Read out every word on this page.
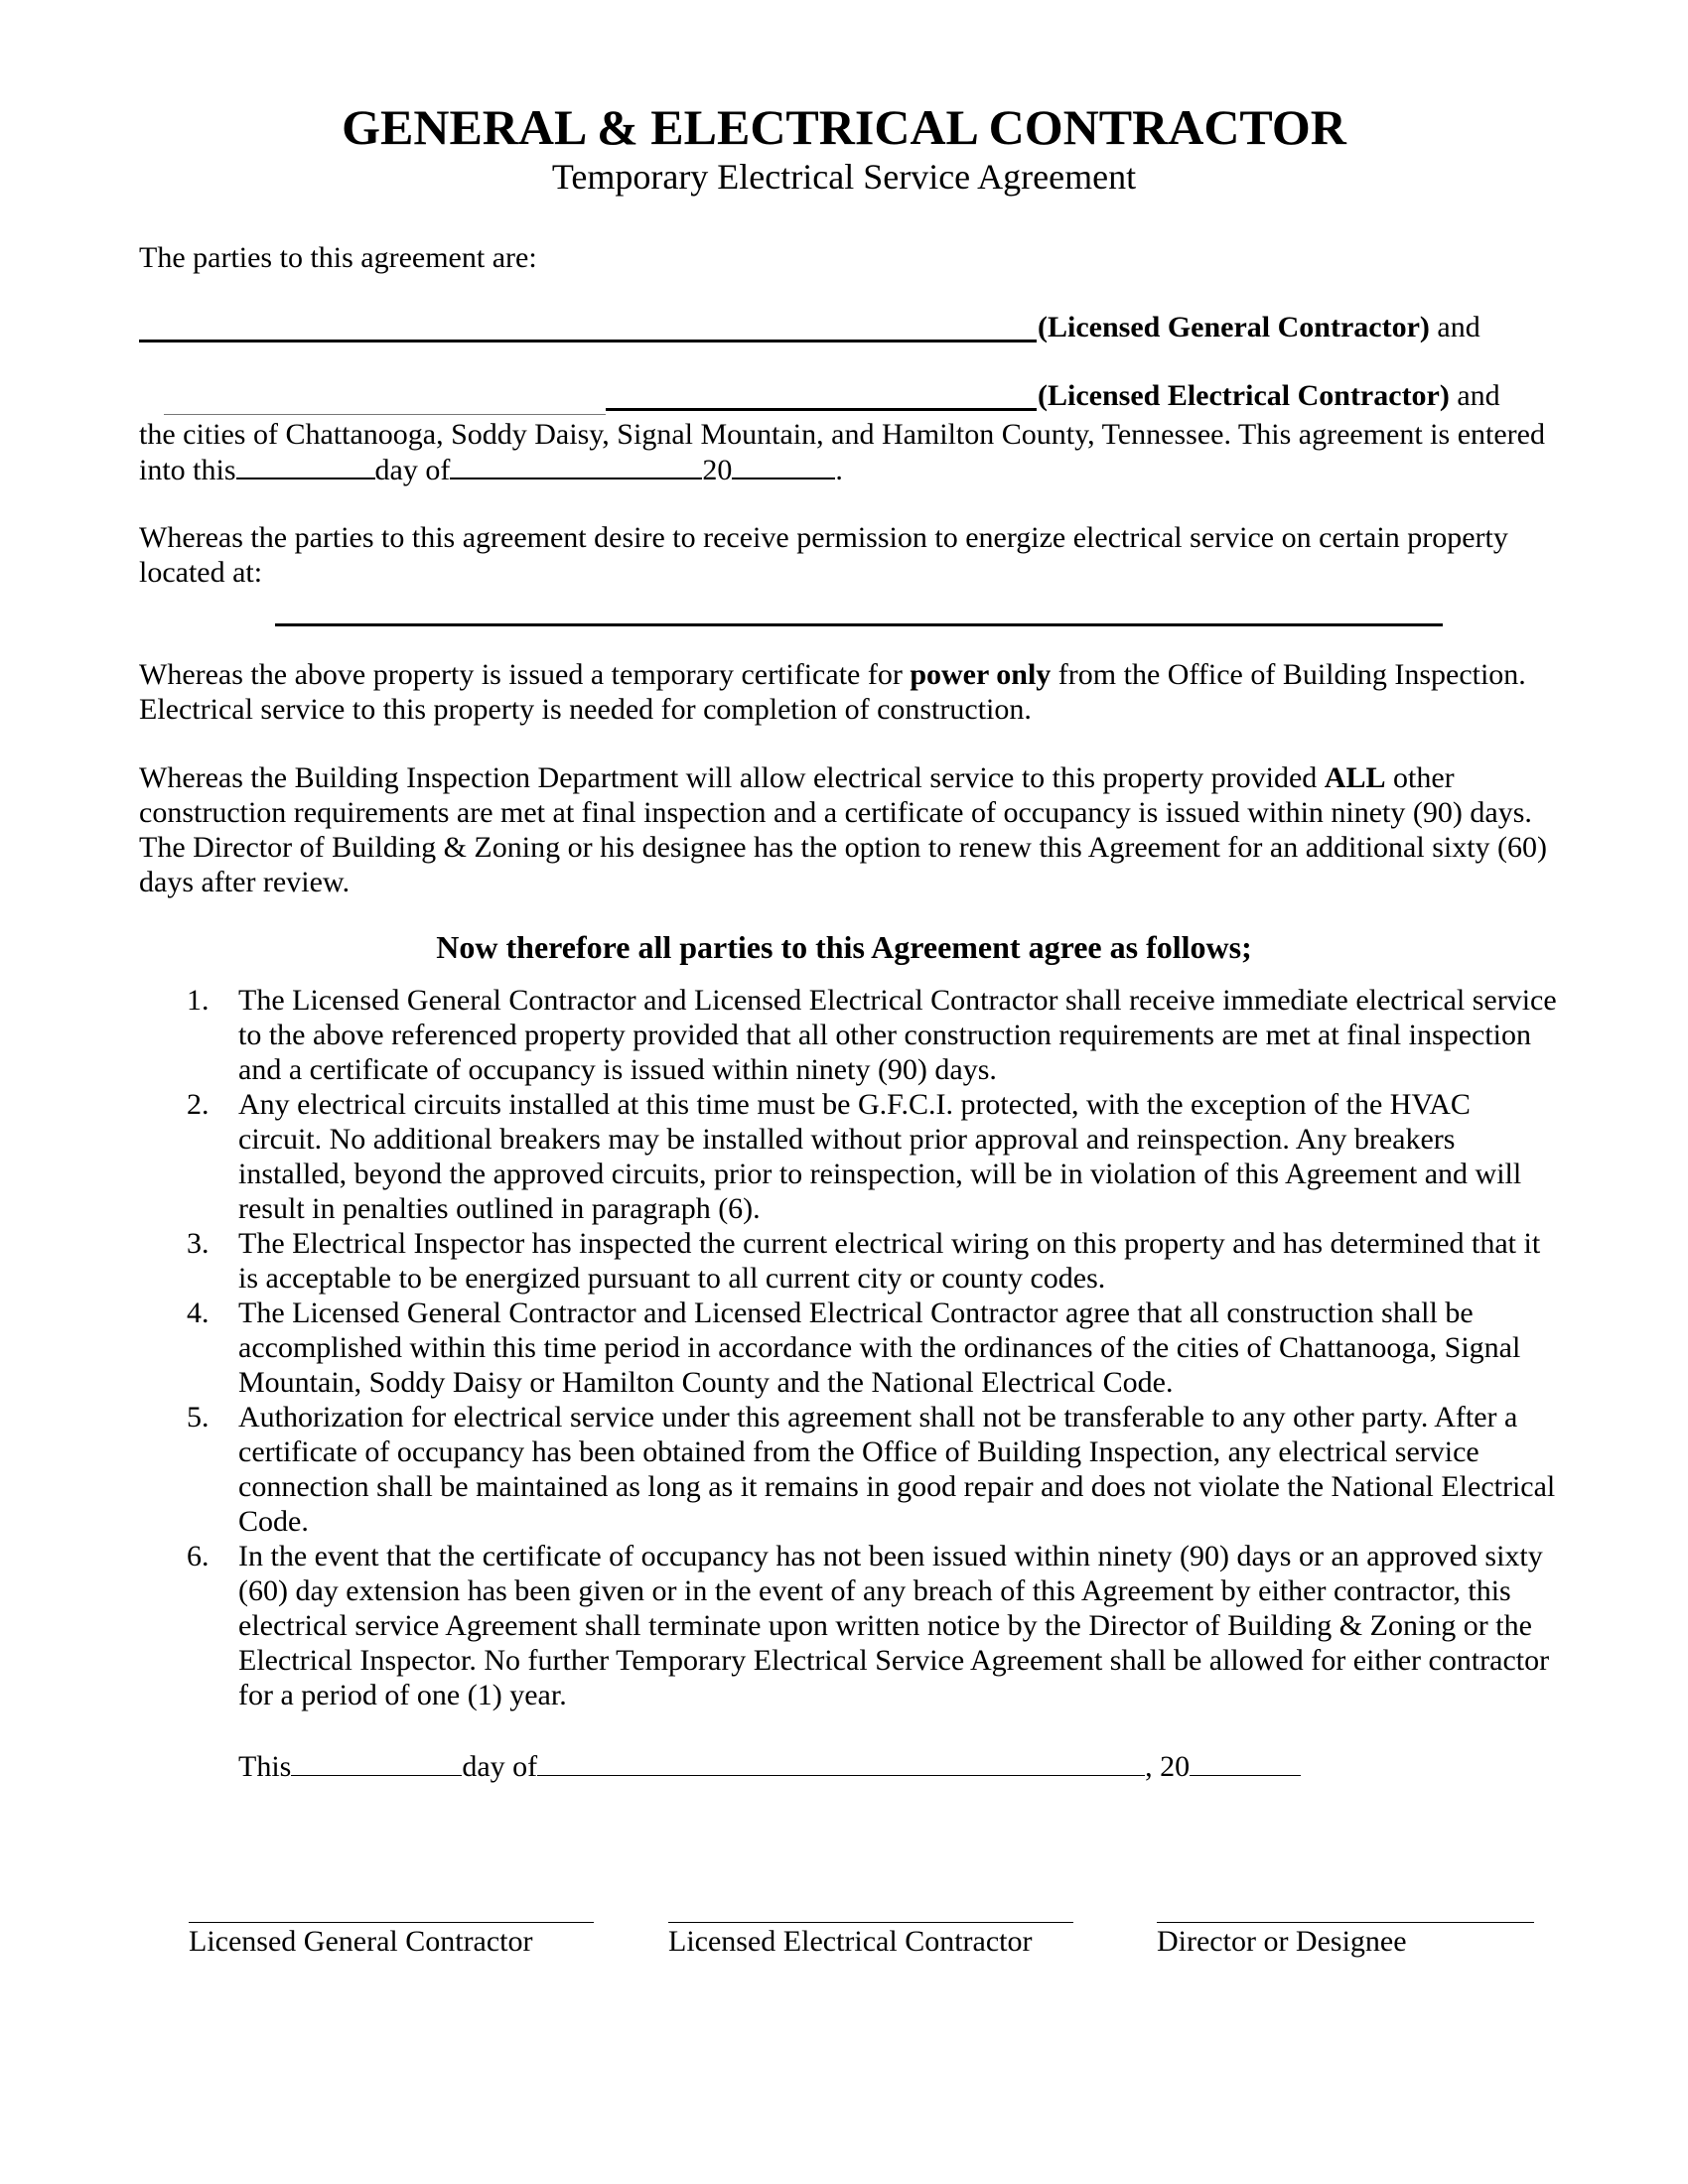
GENERAL & ELECTRICAL CONTRACTOR
Temporary Electrical Service Agreement
The parties to this agreement are:
(Licensed General Contractor) and
(Licensed Electrical Contractor) and
the cities of Chattanooga, Soddy Daisy, Signal Mountain, and Hamilton County, Tennessee. This agreement is entered
into this	day of	20	.
Whereas the parties to this agreement desire to receive permission to energize electrical service on certain property
located at:
Whereas the above property is issued a temporary certificate for power only from the Office of Building Inspection.
Electrical service to this property is needed for completion of construction.
Whereas the Building Inspection Department will allow electrical service to this property provided ALL other
construction requirements are met at final inspection and a certificate of occupancy is issued within ninety (90) days.
The Director of Building & Zoning or his designee has the option to renew this Agreement for an additional sixty (60)
days after review.
Now therefore all parties to this Agreement agree as follows;
1. The Licensed General Contractor and Licensed Electrical Contractor shall receive immediate electrical service
to the above referenced property provided that all other construction requirements are met at final inspection
and a certificate of occupancy is issued within ninety (90) days.
2. Any electrical circuits installed at this time must be G.F.C.I. protected, with the exception of the HVAC
circuit. No additional breakers may be installed without prior approval and reinspection. Any breakers
installed, beyond the approved circuits, prior to reinspection, will be in violation of this Agreement and will
result in penalties outlined in paragraph (6).
3. The Electrical Inspector has inspected the current electrical wiring on this property and has determined that it
is acceptable to be energized pursuant to all current city or county codes.
4. The Licensed General Contractor and Licensed Electrical Contractor agree that all construction shall be
accomplished within this time period in accordance with the ordinances of the cities of Chattanooga, Signal
Mountain, Soddy Daisy or Hamilton County and the National Electrical Code.
5. Authorization for electrical service under this agreement shall not be transferable to any other party. After a
certificate of occupancy has been obtained from the Office of Building Inspection, any electrical service
connection shall be maintained as long as it remains in good repair and does not violate the National Electrical
Code.
6. In the event that the certificate of occupancy has not been issued within ninety (90) days or an approved sixty
(60) day extension has been given or in the event of any breach of this Agreement by either contractor, this
electrical service Agreement shall terminate upon written notice by the Director of Building & Zoning or the
Electrical Inspector. No further Temporary Electrical Service Agreement shall be allowed for either contractor
for a period of one (1) year.
This	day of	, 20
Licensed General Contractor	Licensed Electrical Contractor	Director or Designee
